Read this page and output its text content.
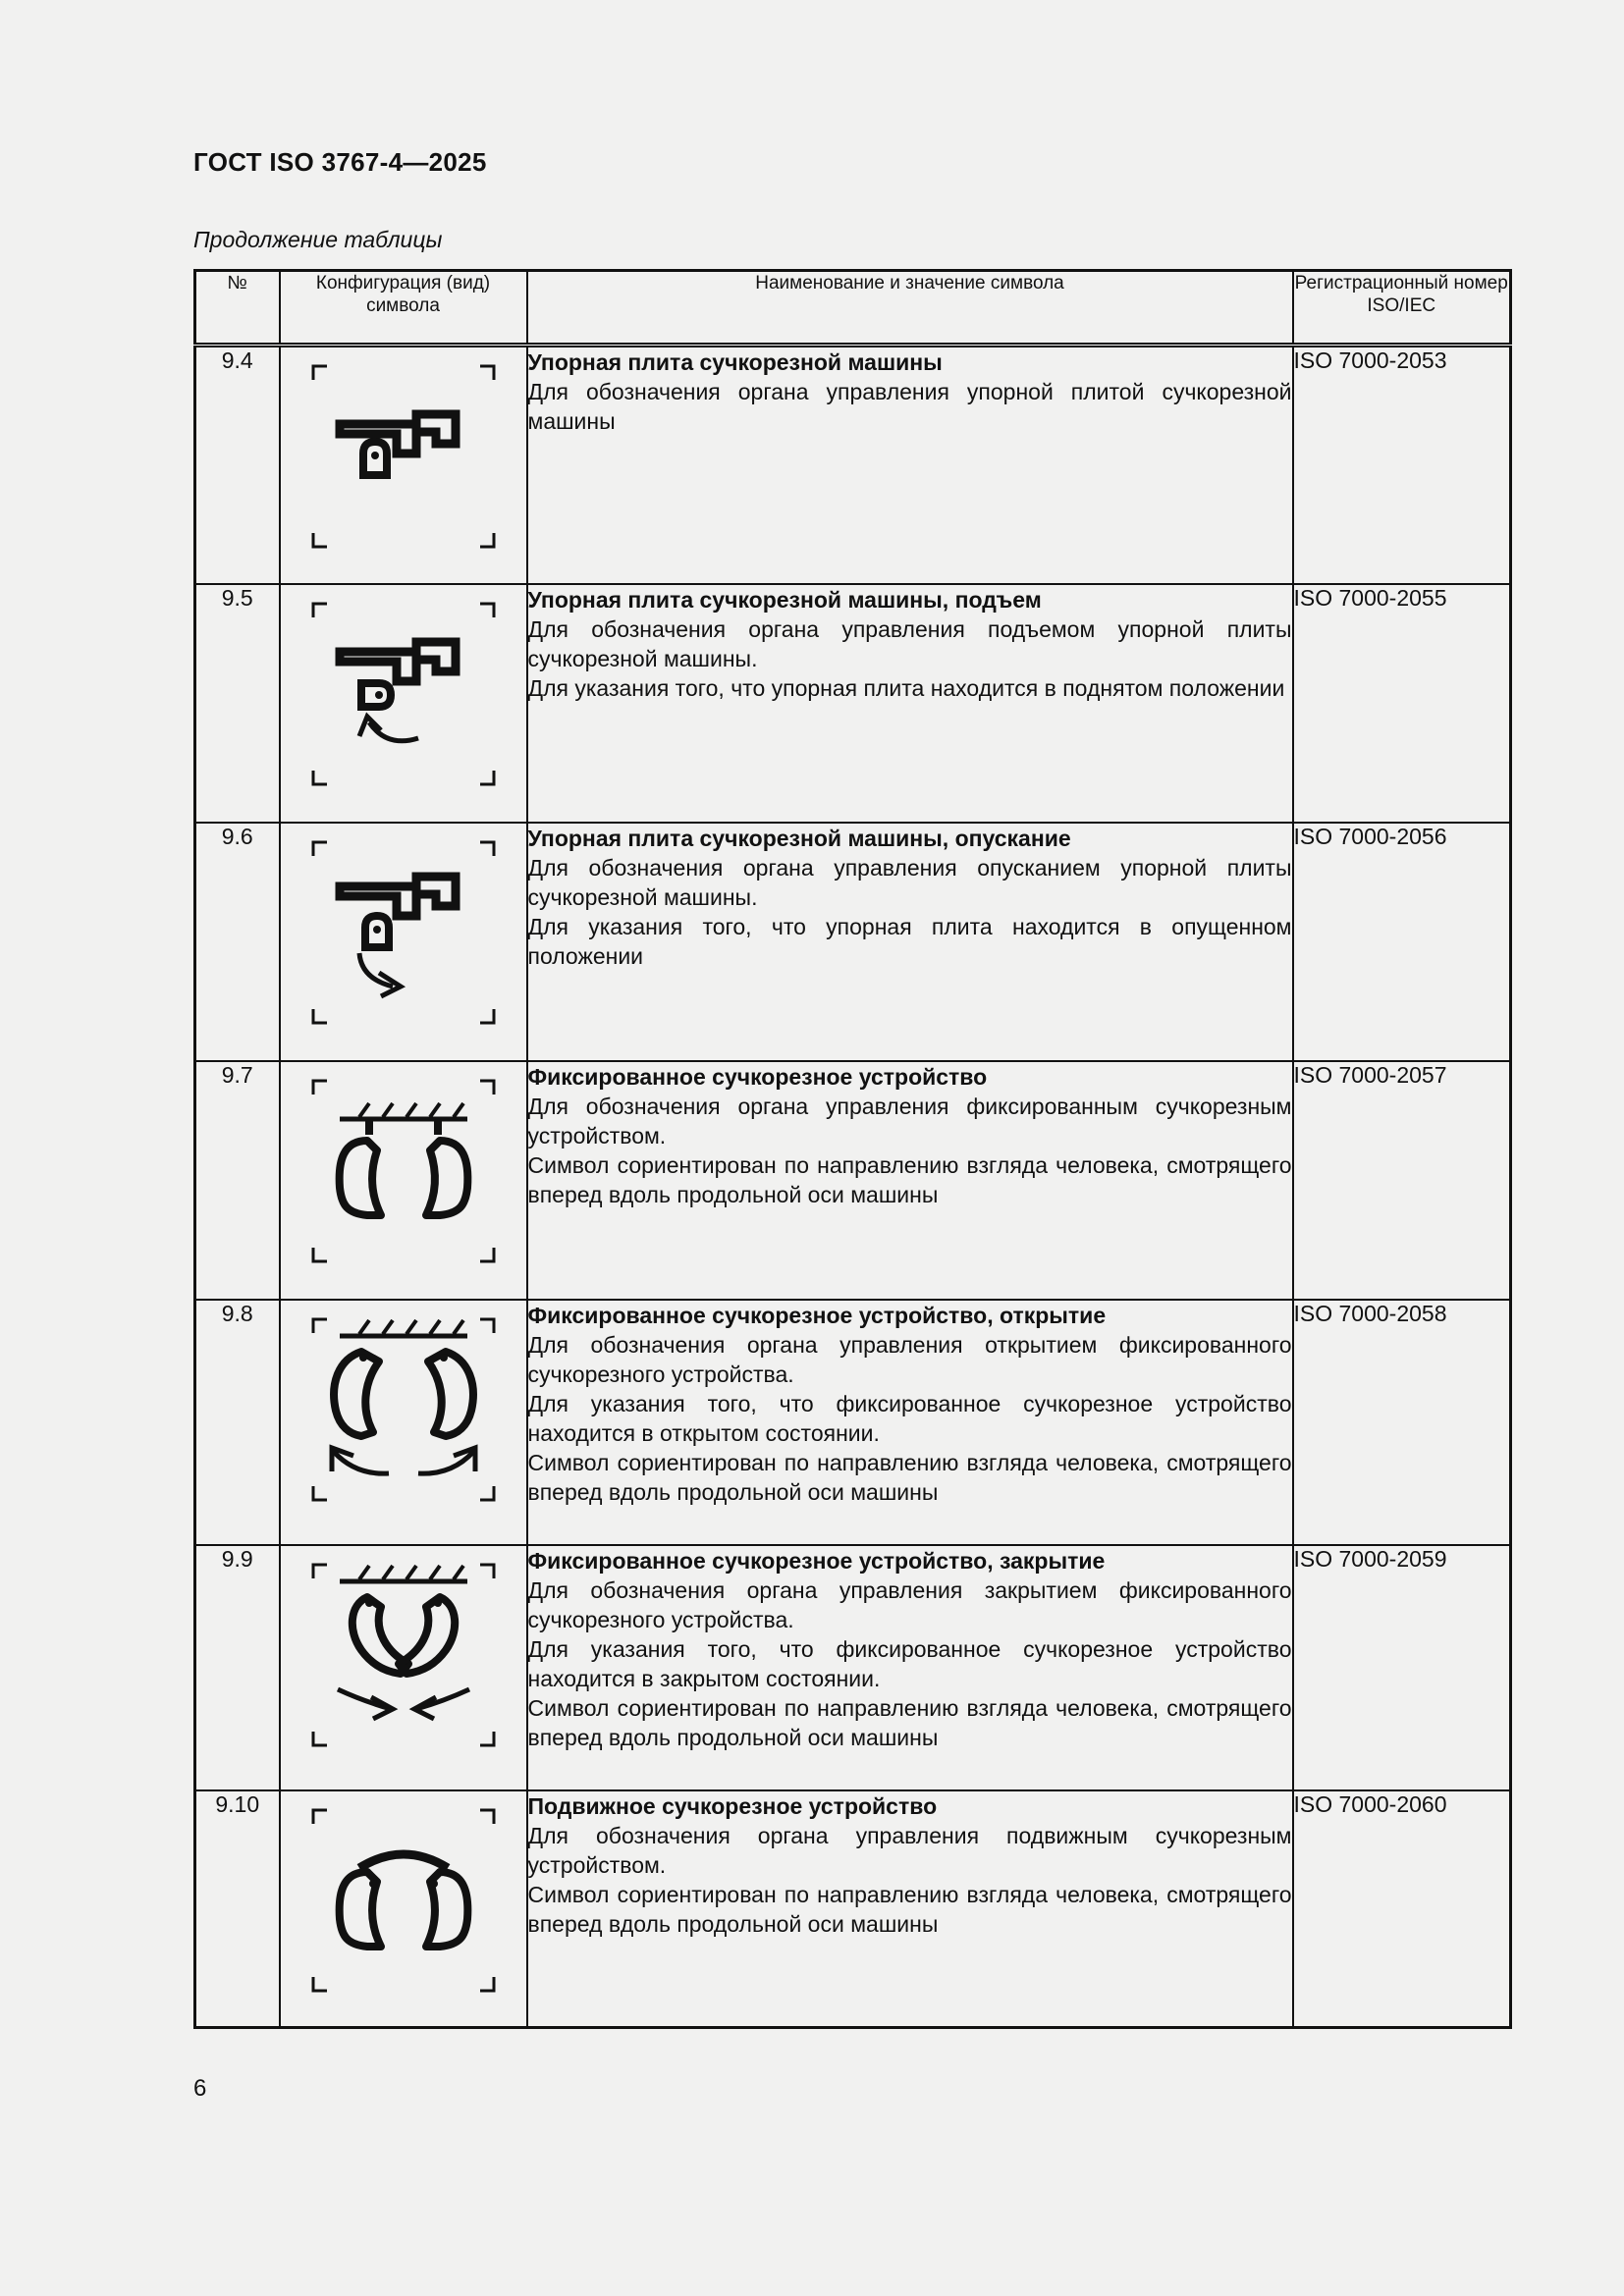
ГОСТ ISO 3767-4—2025
Продолжение таблицы
№	Конфигурация (вид) символа	Наименование и значение символа	Регистрационный номер ISO/IEC
9.4		Упорная плита сучкорезной машины
Для обозначения органа управления упорной плитой сучкорезной машины	ISO 7000-2053
9.5		Упорная плита сучкорезной машины, подъем
Для обозначения органа управления подъемом упорной плиты сучкорезной машины.
Для указания того, что упорная плита находится в поднятом положении	ISO 7000-2055
9.6		Упорная плита сучкорезной машины, опускание
Для обозначения органа управления опусканием упорной плиты сучкорезной машины.
Для указания того, что упорная плита находится в опущенном положении	ISO 7000-2056
9.7		Фиксированное сучкорезное устройство
Для обозначения органа управления фиксированным сучкорезным устройством.
Символ сориентирован по направлению взгляда человека, смотрящего вперед вдоль продольной оси машины	ISO 7000-2057
9.8		Фиксированное сучкорезное устройство, открытие
Для обозначения органа управления открытием фиксированного сучкорезного устройства.
Для указания того, что фиксированное сучкорезное устройство находится в открытом состоянии.
Символ сориентирован по направлению взгляда человека, смотрящего вперед вдоль продольной оси машины	ISO 7000-2058
9.9		Фиксированное сучкорезное устройство, закрытие
Для обозначения органа управления закрытием фиксированного сучкорезного устройства.
Для указания того, что фиксированное сучкорезное устройство находится в закрытом состоянии.
Символ сориентирован по направлению взгляда человека, смотрящего вперед вдоль продольной оси машины	ISO 7000-2059
9.10		Подвижное сучкорезное устройство
Для обозначения органа управления подвижным сучкорезным устройством.
Символ сориентирован по направлению взгляда человека, смотрящего вперед вдоль продольной оси машины	ISO 7000-2060
6
